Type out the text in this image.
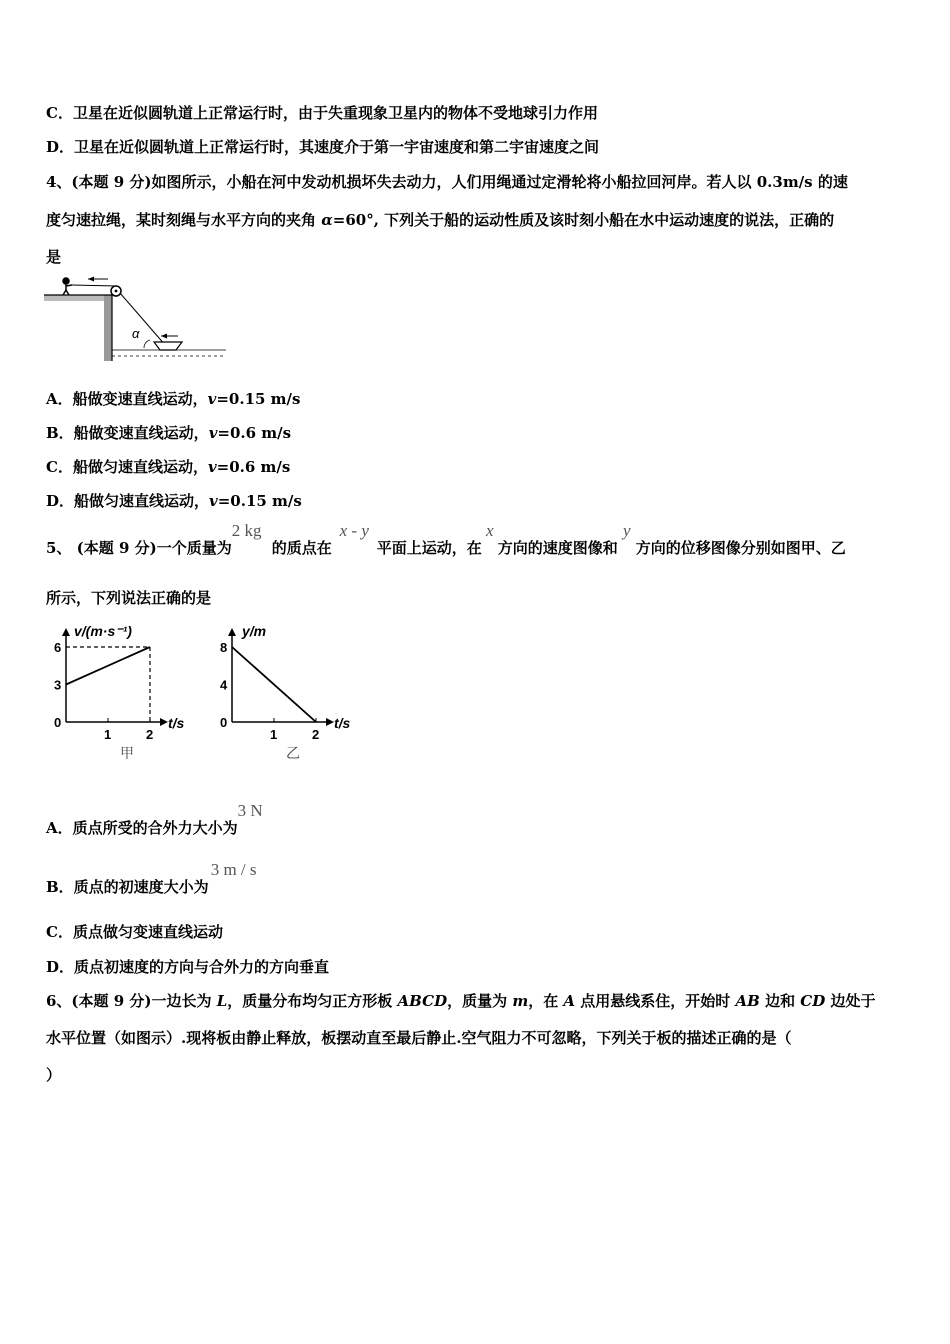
C．卫星在近似圆轨道上正常运行时，由于失重现象卫星内的物体不受地球引力作用
D．卫星在近似圆轨道上正常运行时，其速度介于第一宇宙速度和第二宇宙速度之间
4、(本题 9 分)如图所示，小船在河中发动机损坏失去动力，人们用绳通过定滑轮将小船拉回河岸。若人以 0.3m/s 的速
度匀速拉绳，某时刻绳与水平方向的夹角 α=60°, 下列关于船的运动性质及该时刻小船在水中运动速度的说法，正确的
是
α
A．船做变速直线运动，v=0.15 m/s
B．船做变速直线运动，v=0.6 m/s
C．船做匀速直线运动，v=0.6 m/s
D．船做匀速直线运动，v=0.15 m/s
5、 (本题 9 分)一个质量为2 kg的质点在x - y平面上运动，在x方向的速度图像和y方向的位移图像分别如图甲、乙
所示，下列说法正确的是
v/(m·s⁻¹)
t/s
0
3
6
1	2
甲
y/m
t/s
0
4
8
1	2
乙
A．质点所受的合外力大小为3 N
B．质点的初速度大小为3 m / s
C．质点做匀变速直线运动
D．质点初速度的方向与合外力的方向垂直
6、(本题 9 分)一边长为 L，质量分布均匀正方形板 ABCD，质量为 m，在 A 点用悬线系住，开始时 AB 边和 CD 边处于
水平位置（如图示）.现将板由静止释放，板摆动直至最后静止.空气阻力不可忽略，下列关于板的描述正确的是（
）
